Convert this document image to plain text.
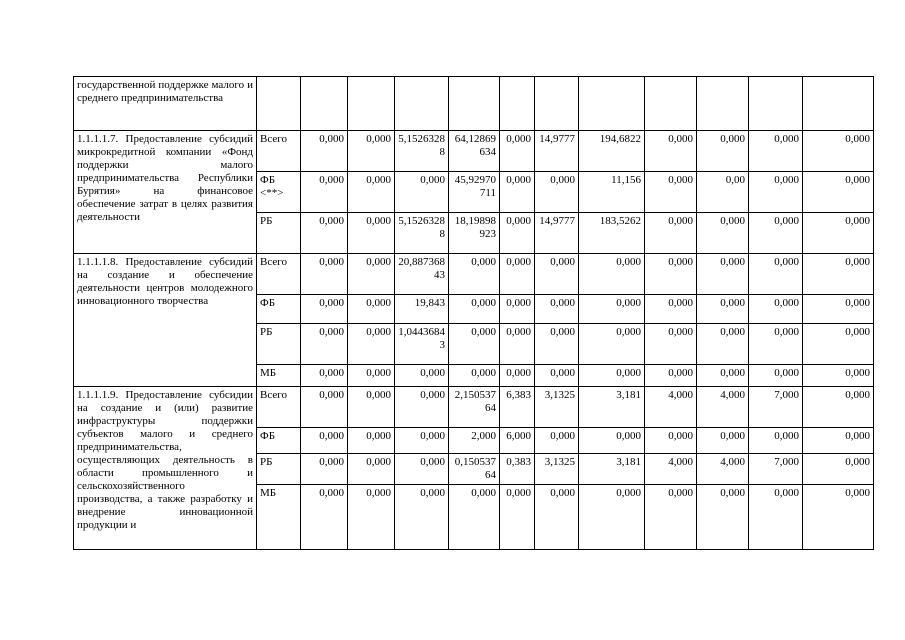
государственной поддержке малого и среднего предпринимательства												
1.1.1.1.7. Предоставление субсидий микрокредитной компании «Фонд поддержки малого предпринимательства Республики Бурятия» на финансовое обеспечение затрат в целях развития деятельности	Всего	0,000	0,000	5,15263288	64,12869634	0,000	14,9777	194,6822	0,000	0,000	0,000	0,000
	ФБ <**>	0,000	0,000	0,000	45,92970711	0,000	0,000	11,156	0,000	0,00	0,000	0,000
	РБ	0,000	0,000	5,15263288	18,19898923	0,000	14,9777	183,5262	0,000	0,000	0,000	0,000
1.1.1.1.8. Предоставление субсидий на создание и обеспечение деятельности центров молодежного инновационного творчества	Всего	0,000	0,000	20,88736843	0,000	0,000	0,000	0,000	0,000	0,000	0,000	0,000
	ФБ	0,000	0,000	19,843	0,000	0,000	0,000	0,000	0,000	0,000	0,000	0,000
	РБ	0,000	0,000	1,04436843	0,000	0,000	0,000	0,000	0,000	0,000	0,000	0,000
	МБ	0,000	0,000	0,000	0,000	0,000	0,000	0,000	0,000	0,000	0,000	0,000
1.1.1.1.9. Предоставление субсидии на создание и (или) развитие инфраструктуры поддержки субъектов малого и среднего предпринимательства, осуществляющих деятельность в области промышленного и сельскохозяйственного производства, а также разработку и внедрение инновационной продукции и	Всего	0,000	0,000	0,000	2,15053764	6,383	3,1325	3,181	4,000	4,000	7,000	0,000
	ФБ	0,000	0,000	0,000	2,000	6,000	0,000	0,000	0,000	0,000	0,000	0,000
	РБ	0,000	0,000	0,000	0,15053764	0,383	3,1325	3,181	4,000	4,000	7,000	0,000
	МБ	0,000	0,000	0,000	0,000	0,000	0,000	0,000	0,000	0,000	0,000	0,000
